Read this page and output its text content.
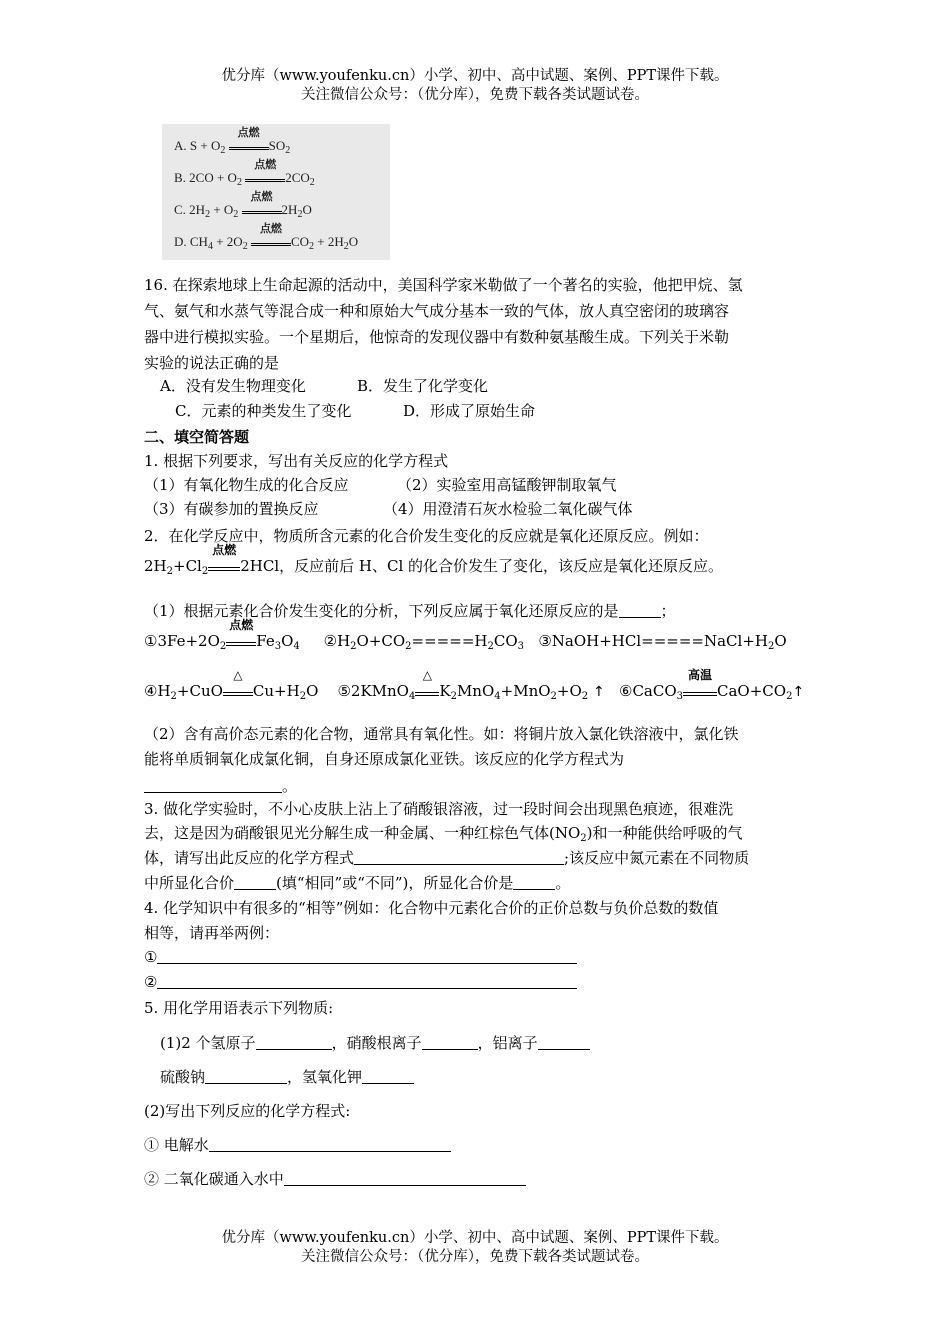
优分库（www.youfenku.cn）小学、初中、高中试题、案例、PPT课件下载。
关注微信公众号：（优分库），免费下载各类试题试卷。
A. $S + O_2$
点燃
$SO_2$
B. $2CO + O_2$
点燃
$2CO_2$
C. $2H_2 + O_2$
点燃
$2H_2O$
D. $CH_4 + 2O_2$
点燃
$CO_2 + 2H_2O$
16. 在探索地球上生命起源的活动中，美国科学家米勒做了一个著名的实验，他把甲烷、氢
气、氨气和水蒸气等混合成一种和原始大气成分基本一致的气体，放人真空密闭的玻璃容
器中进行模拟实验。一个星期后，他惊奇的发现仪器中有数种氨基酸生成。下列关于米勒
实验的说法正确的是
A．没有发生物理变化	B．发生了化学变化
C．元素的种类发生了变化	D．形成了原始生命
二、填空简答题
1. 根据下列要求，写出有关反应的化学方程式
（1）有氧化物生成的化合反应	（2）实验室用高锰酸钾制取氧气
（3）有碳参加的置换反应	（4）用澄清石灰水检验二氧化碳气体
2．在化学反应中，物质所含元素的化合价发生变化的反应就是氧化还原反应。例如：
$2H_2+Cl_2$
点燃
2HCl，反应前后 H、Cl 的化合价发生了变化，该反应是氧化还原反应。
（1）根据元素化合价发生变化的分析，下列反应属于氧化还原反应的是	；
$①3Fe+2O_2$
点燃
$Fe_3O_4$     $②H_2O+CO_2=====H_2CO_3$   $③NaOH+HCl=====NaCl+H_2O$
$④H_2+CuO$
△
$Cu+H_2O$    ⑤2KMnO$_4$
△
$K_2MnO_4+MnO_2+O_2$ ↑   ⑥CaCO$_3$
高温
$CaO+CO_2↑$
（2）含有高价态元素的化合物，通常具有氧化性。如：将铜片放入氯化铁溶液中，氯化铁
能将单质铜氧化成氯化铜，自身还原成氯化亚铁。该反应的化学方程式为
。
3. 做化学实验时，不小心皮肤上沾上了硝酸银溶液，过一段时间会出现黑色痕迹，很难洗
去，这是因为硝酸银见光分解生成一种金属、一种红棕色气体$(NO_2)$和一种能供给呼吸的气
体，请写出此反应的化学方程式	;该反应中氮元素在不同物质
中所显化合价	(填“相同”或“不同”)，所显化合价是	。
4. 化学知识中有很多的“相等”例如：化合物中元素化合价的正价总数与负价总数的数值
相等，请再举两例：
①
②
5. 用化学用语表示下列物质:
(1)2 个氢原子	，硝酸根离子	，铝离子
硫酸钠	，氢氧化钾
(2)写出下列反应的化学方程式:
① 电解水
② 二氧化碳通入水中
优分库（www.youfenku.cn）小学、初中、高中试题、案例、PPT课件下载。
关注微信公众号：（优分库），免费下载各类试题试卷。
